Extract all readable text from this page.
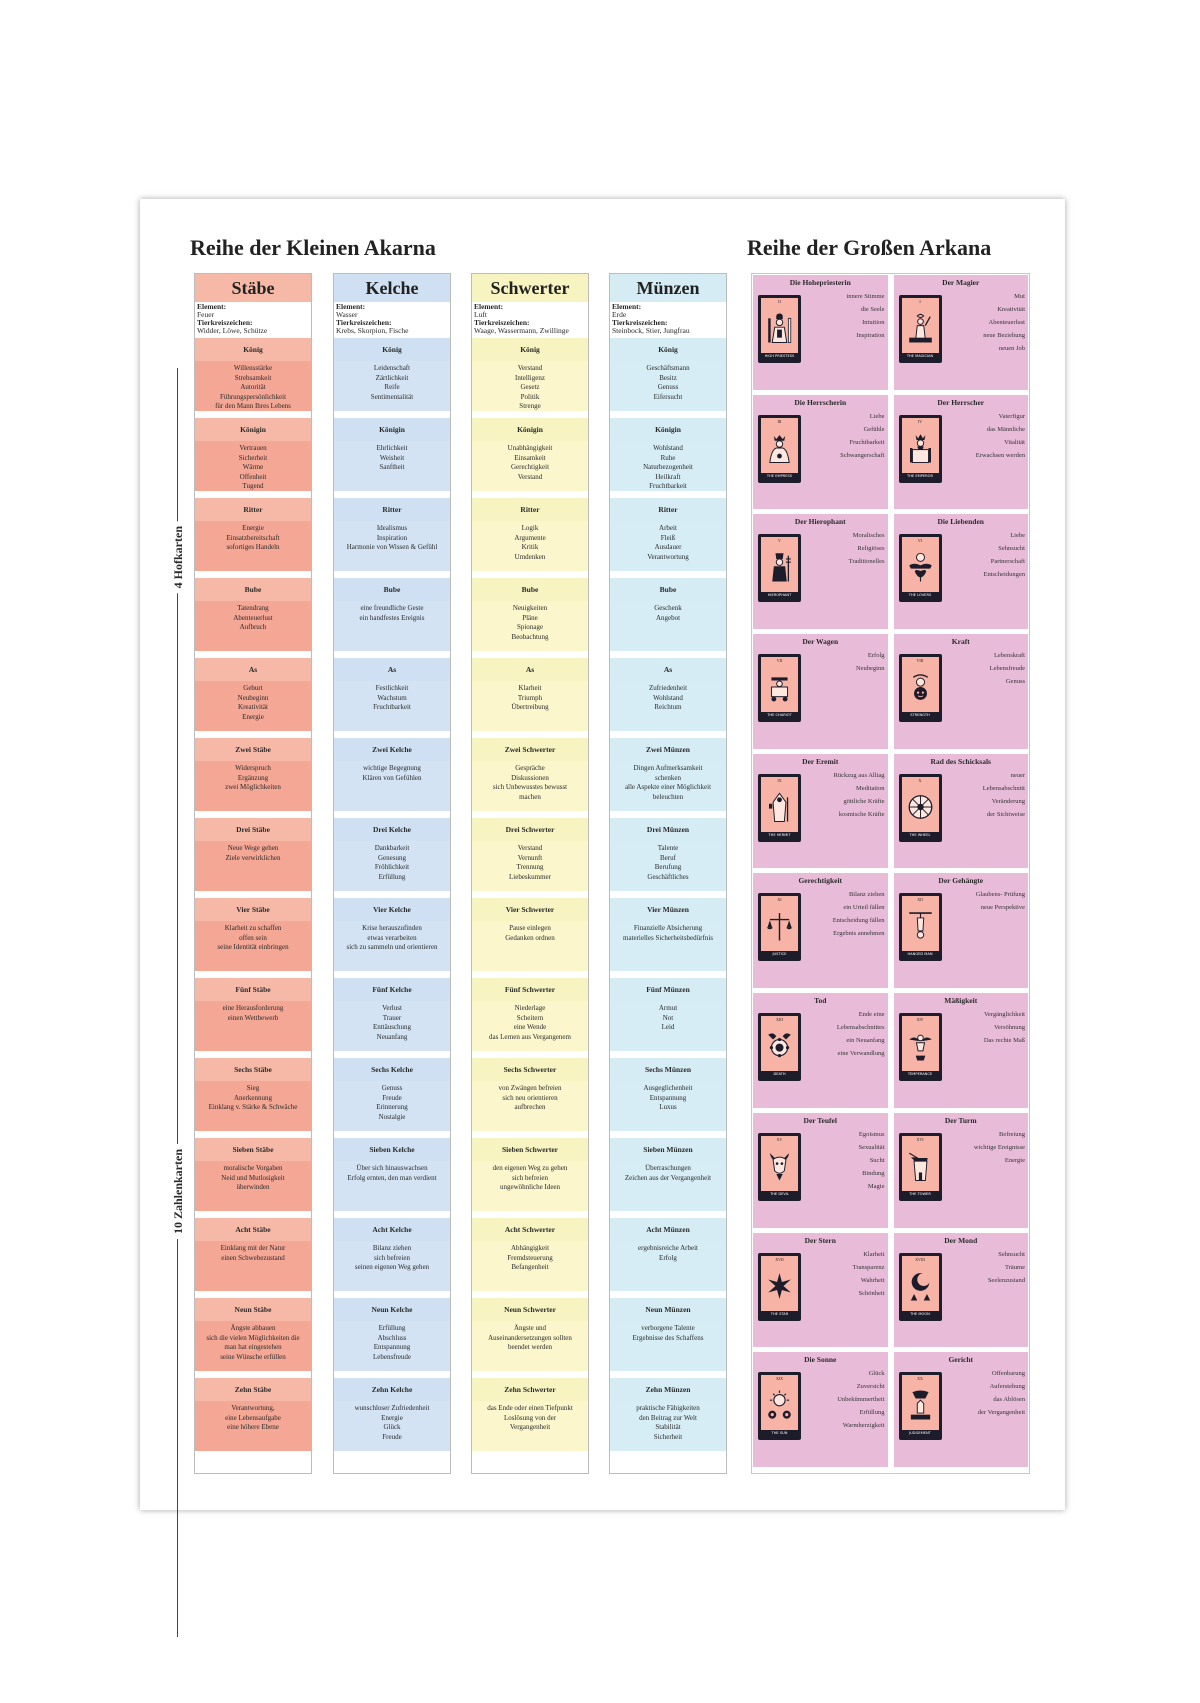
Reihe der Kleinen Akarna	Reihe der Großen Arkana
4 Hofkarten
10 Zahlenkarten
Stäbe
Element:
Feuer
Tierkreiszeichen:
Widder, Löwe, Schütze
König
Willensstärke
Strebsamkeit
Autorität
Führungspersönlichkeit
für den Mann Ihres Lebens
Königin
Vertrauen
Sicherheit
Wärme
Offenheit
Tugend
Ritter
Energie
Einsatzbereitschaft
sofortiges Handeln
Bube
Tatendrang
Abenteuerlust
Aufbruch
As
Geburt
Neubeginn
Kreativität
Energie
Zwei Stäbe
Widerspruch
Ergänzung
zwei Möglichkeiten
Drei Stäbe
Neue Wege gehen
Ziele verwirklichen
Vier Stäbe
Klarheit zu schaffen
offen sein
seine Identität einbringen
Fünf Stäbe
eine Herausforderung
einen Wettbewerb
Sechs Stäbe
Sieg
Anerkennung
Einklang v. Stärke & Schwäche
Sieben Stäbe
moralische Vorgaben
Neid und Mutlosigkeit
überwinden
Acht Stäbe
Einklang mit der Natur
einen Schwebezustand
Neun Stäbe
Ängste abbauen
sich die vielen Möglichkeiten die
man hat eingestehen
seine Wünsche erfüllen
Zehn Stäbe
Verantwortung,
eine Lebensaufgabe
eine höhere Ebene
Kelche
Element:
Wasser
Tierkreiszeichen:
Krebs, Skorpion, Fische
König
Leidenschaft
Zärtlichkeit
Reife
Sentimentalität
Königin
Ehrlichkeit
Weisheit
Sanftheit
Ritter
Idealismus
Inspiration
Harmonie von Wissen & Gefühl
Bube
eine freundliche Geste
ein handfestes Ereignis
As
Festlichkeit
Wachstum
Fruchtbarkeit
Zwei Kelche
wichtige Begegnung
Klären von Gefühlen
Drei Kelche
Dankbarkeit
Genesung
Fröhlichkeit
Erfüllung
Vier Kelche
Krise herauszufinden
etwas verarbeiten
sich zu sammeln und orientieren
Fünf Kelche
Verlust
Trauer
Enttäuschung
Neuanfang
Sechs Kelche
Genuss
Freude
Erinnerung
Nostalgie
Sieben Kelche
Über sich hinauswachsen
Erfolg ernten, den man verdient
Acht Kelche
Bilanz ziehen
sich befreien
seinen eigenen Weg gehen
Neun Kelche
Erfüllung
Abschluss
Entspannung
Lebensfreude
Zehn Kelche
wunschloser Zufriedenheit
Energie
Glück
Freude
Schwerter
Element:
Luft
Tierkreiszeichen:
Waage, Wassermann, Zwillinge
König
Verstand
Intelligenz
Gesetz
Politik
Strenge
Königin
Unabhängigkeit
Einsamkeit
Gerechtigkeit
Verstand
Ritter
Logik
Argumente
Kritik
Umdenken
Bube
Neuigkeiten
Pläne
Spionage
Beobachtung
As
Klarheit
Triumph
Übertreibung
Zwei Schwerter
Gespräche
Diskussionen
sich Unbewusstes bewusst
machen
Drei Schwerter
Verstand
Vernunft
Trennung
Liebeskummer
Vier Schwerter
Pause einlegen
Gedanken ordnen
Fünf Schwerter
Niederlage
Scheitern
eine Wende
das Lernen aus Vergangenem
Sechs Schwerter
von Zwängen befreien
sich neu orientieren
aufbrechen
Sieben Schwerter
den eigenen Weg zu gehen
sich befreien
ungewöhnliche Ideen
Acht Schwerter
Abhängigkeit
Fremdsteuerung
Befangenheit
Neun Schwerter
Ängste und
Auseinandersetzungen sollten
beendet werden
Zehn Schwerter
das Ende oder einen Tiefpunkt
Loslösung von der
Vergangenheit
Münzen
Element:
Erde
Tierkreiszeichen:
Steinbock, Stier, Jungfrau
König
Geschäftsmann
Besitz
Genuss
Eifersucht
Königin
Wohlstand
Ruhe
Naturbezogenheit
Heilkraft
Fruchtbarkeit
Ritter
Arbeit
Fleiß
Ausdauer
Verantwortung
Bube
Geschenk
Angebot
As
Zufriedenheit
Wohlstand
Reichtum
Zwei Münzen
Dingen Aufmerksamkeit
schenken
alle Aspekte einer Möglichkeit
beleuchten
Drei Münzen
Talente
Beruf
Berufung
Geschäftliches
Vier Münzen
Finanzielle Absicherung
materielles Sicherheitsbedürfnis
Fünf Münzen
Armut
Not
Leid
Sechs Münzen
Ausgeglichenheit
Entspannung
Luxus
Sieben Münzen
Überraschungen
Zeichen aus der Vergangenheit
Acht Münzen
ergebnisreiche Arbeit
Erfolg
Neun Münzen
verborgene Talente
Ergebnisse des Schaffens
Zehn Münzen
praktische Fähigkeiten
den Beitrag zur Welt
Stabilität
Sicherheit
Die Hohepriesterin
II
HIGH PRIESTESS
innere Stimme
die Seele
Intuition
Inspiration
Der Magier
I
THE MAGICIAN
Mut
Kreativität
Abenteuerlust
neue Beziehung
neuen Job
Die Herrscherin
III
THE EMPRESS
Liebe
Gefühle
Fruchtbarkeit
Schwangerschaft
Der Herrscher
IV
THE EMPEROR
Vaterfigur
das Männliche
Vitalität
Erwachsen werden
Der Hierophant
V
HIEROPHANT
Moralisches
Religiöses
Traditionelles
Die Liebenden
VI
THE LOVERS
Liebe
Sehnsucht
Partnerschaft
Entscheidungen
Der Wagen
VII
THE CHARIOT
Erfolg
Neubeginn
Kraft
VIII
STRENGTH
Lebenskraft
Lebensfreude
Genuss
Der Eremit
IX
THE HERMIT
Rückzug aus Alltag
Meditation
göttliche Kräfte
kosmische Kräfte
Rad des Schicksals
X
THE WHEEL
neuer
Lebensabschnitt
Veränderung
der Sichtweise
Gerechtigkeit
XI
JUSTICE
Bilanz ziehen
ein Urteil fällen
Entscheidung fällen
Ergebnis annehmen
Der Gehängte
XII
HANGED MAN
Glaubens- Prüfung
neue Perspektive
Tod
XIII
DEATH
Ende eine
Lebensabschnittes
ein Neuanfang
eine Verwandlung
Mäßigkeit
XIV
TEMPERANCE
Vergänglichkeit
Versöhnung
Das rechte Maß
Der Teufel
XV
THE DEVIL
Egoismus
Sexualität
Sucht
Bindung
Magie
Der Turm
XVI
THE TOWER
Befreiung
wichtige Ereignisse
Energie
Der Stern
XVII
THE STAR
Klarheit
Transparenz
Wahrheit
Schönheit
Der Mond
XVIII
THE MOON
Sehnsucht
Träume
Seelenzustand
Die Sonne
XIX
THE SUN
Glück
Zuversicht
Unbekümmertheit
Erfüllung
Warmherzigkeit
Gericht
XX
JUDGEMENT
Offenbarung
Auferstehung
das Ablösen
der Vergangenheit
